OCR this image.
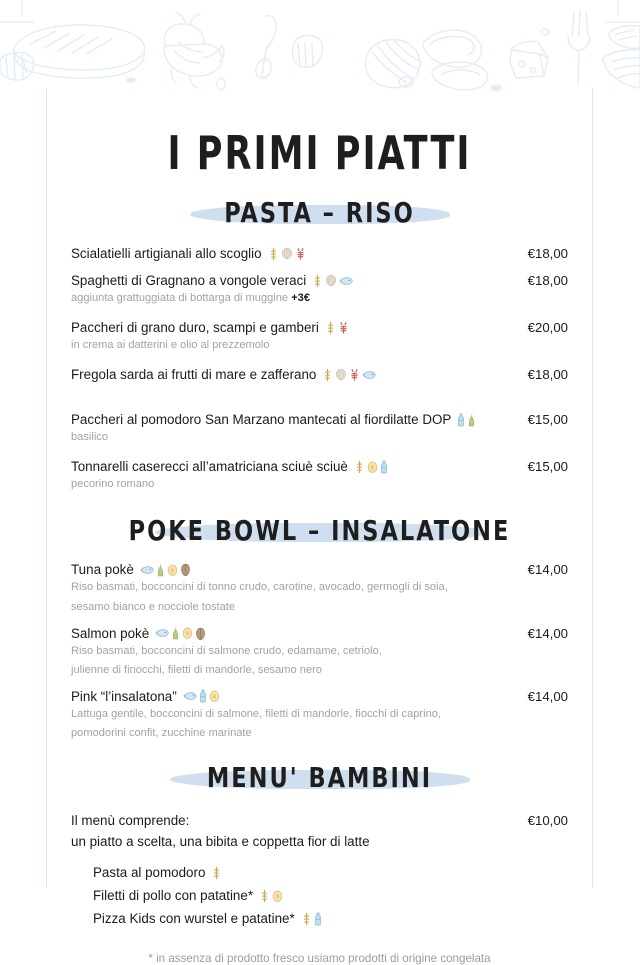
I PRIMI PIATTI
PASTA – RISO
Scialatielli artigianali allo scoglio	€18,00
Spaghetti di Gragnano a vongole veraci	€18,00
aggiunta grattuggiata di bottarga di muggine +3€
Paccheri di grano duro, scampi e gamberi	€20,00
in crema ai datterini e olio al prezzemolo
Fregola sarda ai frutti di mare e zafferano	€18,00
Paccheri al pomodoro San Marzano mantecati al fiordilatte DOP	€15,00
basilico
Tonnarelli caserecci all’amatriciana sciuè sciuè	€15,00
pecorino romano
POKE BOWL – INSALATONE
Tuna pokè	€14,00
Riso basmati, bocconcini di tonno crudo, carotine, avocado, germogli di soia,
sesamo bianco e nocciole tostate
Salmon pokè	€14,00
Riso basmati, bocconcini di salmone crudo, edamame, cetriolo,
julienne di finocchi, filetti di mandorle, sesamo nero
Pink “l’insalatona”	€14,00
Lattuga gentile, bocconcini di salmone, filetti di mandorle, fiocchi di caprino,
pomodorini confit, zucchine marinate
MENU' BAMBINI
Il menù comprende:
un piatto a scelta, una bibita e coppetta fior di latte
€10,00
Pasta al pomodoro
Filetti di pollo con patatine*
Pizza Kids con wurstel e patatine*
* in assenza di prodotto fresco usiamo prodotti di origine congelata
